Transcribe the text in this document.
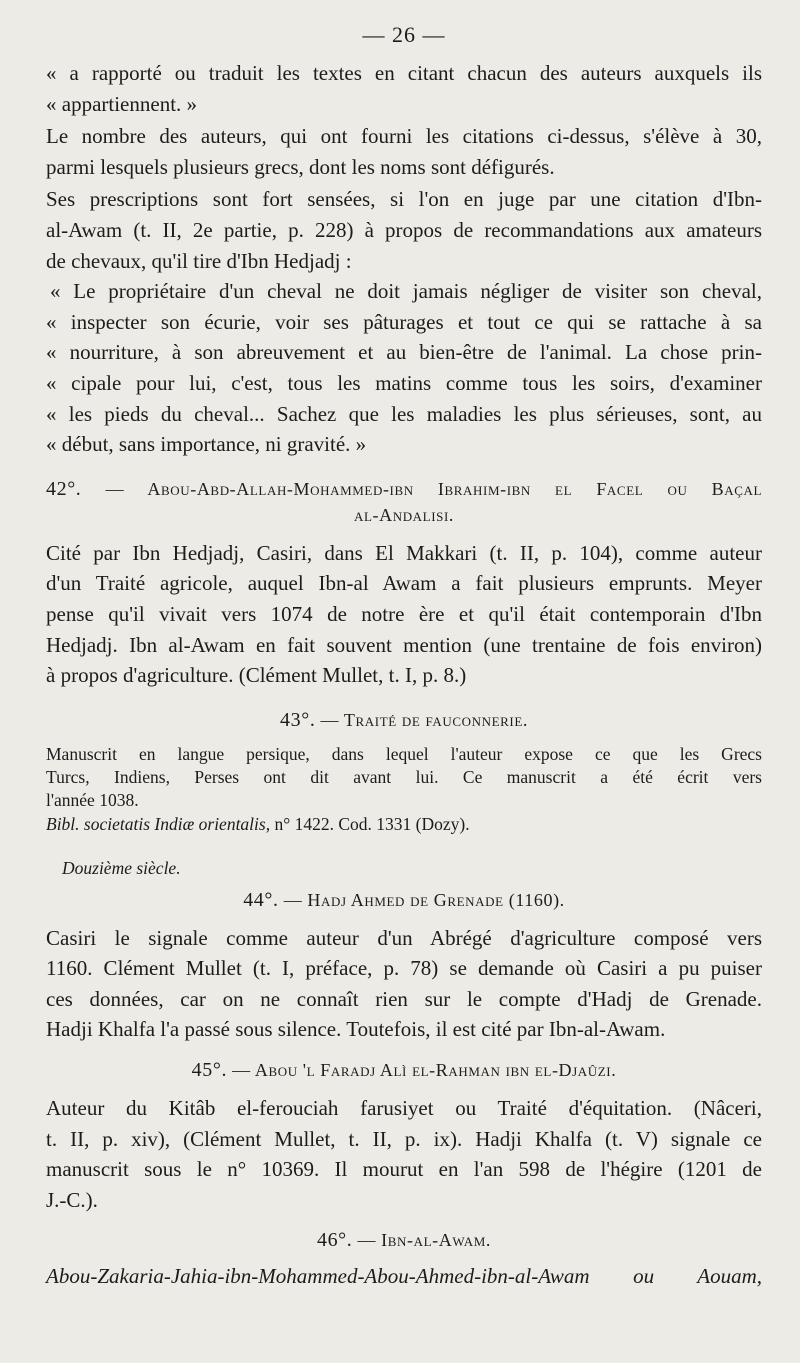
— 26 —

« a rapporté ou traduit les textes en citant chacun des auteurs auxquels ils

« appartiennent. »

Le nombre des auteurs, qui ont fourni les citations ci-dessus, s'élève à 30,

parmi lesquels plusieurs grecs, dont les noms sont défigurés.

Ses prescriptions sont fort sensées, si l'on en juge par une citation d'Ibn-

al-Awam (t. II, 2e partie, p. 228) à propos de recommandations aux amateurs

de chevaux, qu'il tire d'Ibn Hedjadj :

« Le propriétaire d'un cheval ne doit jamais négliger de visiter son cheval,

« inspecter son écurie, voir ses pâturages et tout ce qui se rattache à sa

« nourriture, à son abreuvement et au bien-être de l'animal. La chose prin-

« cipale pour lui, c'est, tous les matins comme tous les soirs, d'examiner

« les pieds du cheval... Sachez que les maladies les plus sérieuses, sont, au

« début, sans importance, ni gravité. »

42°. — Abou-Abd-Allah-Mohammed-ibn Ibrahim-ibn el Facel ou Baçal

al-Andalisi.

Cité par Ibn Hedjadj, Casiri, dans El Makkari (t. II, p. 104), comme auteur

d'un Traité agricole, auquel Ibn-al Awam a fait plusieurs emprunts. Meyer

pense qu'il vivait vers 1074 de notre ère et qu'il était contemporain d'Ibn

Hedjadj. Ibn al-Awam en fait souvent mention (une trentaine de fois environ)

à propos d'agriculture. (Clément Mullet, t. I, p. 8.)

43°. — Traité de fauconnerie.

Manuscrit en langue persique, dans lequel l'auteur expose ce que les Grecs

Turcs, Indiens, Perses ont dit avant lui. Ce manuscrit a été écrit vers

l'année 1038.

Bibl. societatis Indiæ orientalis, n° 1422. Cod. 1331 (Dozy).

Douzième siècle.

44°. — Hadj Ahmed de Grenade (1160).

Casiri le signale comme auteur d'un Abrégé d'agriculture composé vers

1160. Clément Mullet (t. I, préface, p. 78) se demande où Casiri a pu puiser

ces données, car on ne connaît rien sur le compte d'Hadj de Grenade.

Hadji Khalfa l'a passé sous silence. Toutefois, il est cité par Ibn-al-Awam.

45°. — Abou 'l Faradj Alì el-Rahman ibn el-Djaûzi.

Auteur du Kitâb el-ferouciah farusiyet ou Traité d'équitation. (Nâceri,

t. II, p. xiv), (Clément Mullet, t. II, p. ix). Hadji Khalfa (t. V) signale ce

manuscrit sous le n° 10369. Il mourut en l'an 598 de l'hégire (1201 de

J.-C.).

46°. — Ibn-al-Awam.

Abou-Zakaria-Jahia-ibn-Mohammed-Abou-Ahmed-ibn-al-Awam ou Aouam,
